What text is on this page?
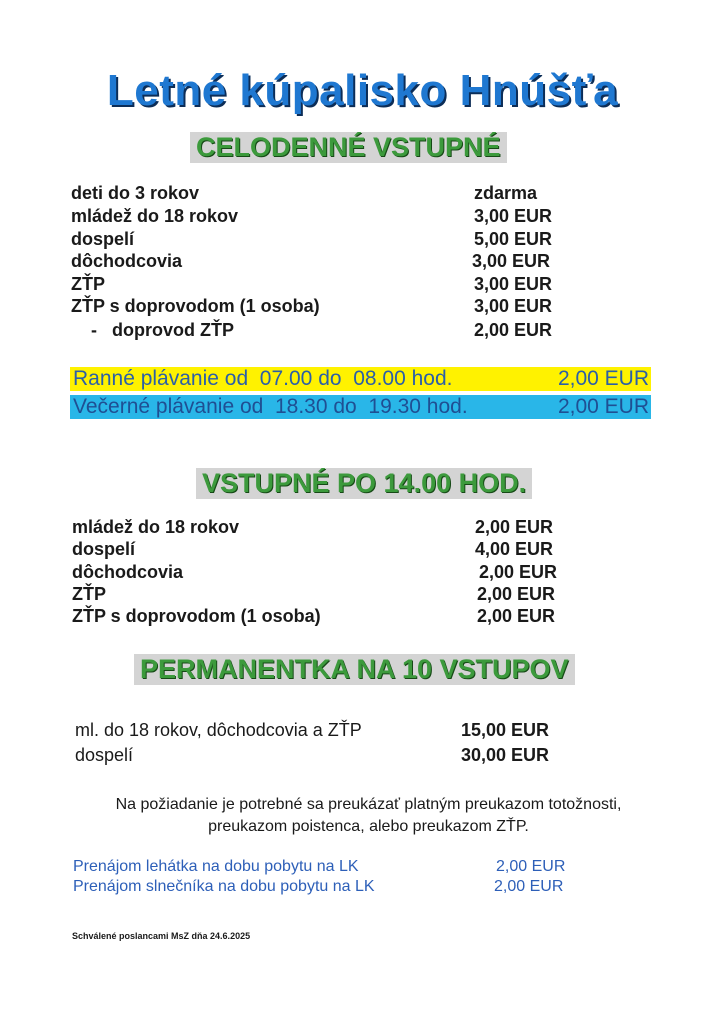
Letné kúpalisko Hnúšťa
CELODENNÉ VSTUPNÉ
deti do 3 rokov	zdarma
mládež do 18 rokov	3,00 EUR
dospelí	5,00 EUR
dôchodcovia	3,00 EUR
ZŤP	3,00 EUR
ZŤP s doprovodom (1 osoba)	3,00 EUR
-   doprovod ZŤP	2,00 EUR
Ranné plávanie od  07.00 do  08.00 hod.	2,00 EUR
Večerné plávanie od  18.30 do  19.30 hod.	2,00 EUR
VSTUPNÉ PO 14.00 HOD.
mládež do 18 rokov	2,00 EUR
dospelí	4,00 EUR
dôchodcovia	2,00 EUR
ZŤP	2,00 EUR
ZŤP s doprovodom (1 osoba)	2,00 EUR
PERMANENTKA NA 10 VSTUPOV
ml. do 18 rokov, dôchodcovia a ZŤP	15,00 EUR
dospelí	30,00 EUR
Na požiadanie je potrebné sa preukázať platným preukazom totožnosti,
preukazom poistenca, alebo preukazom ZŤP.
Prenájom lehátka na dobu pobytu na LK	2,00 EUR
Prenájom slnečníka na dobu pobytu na LK	2,00 EUR
Schválené poslancami MsZ dňa 24.6.2025
